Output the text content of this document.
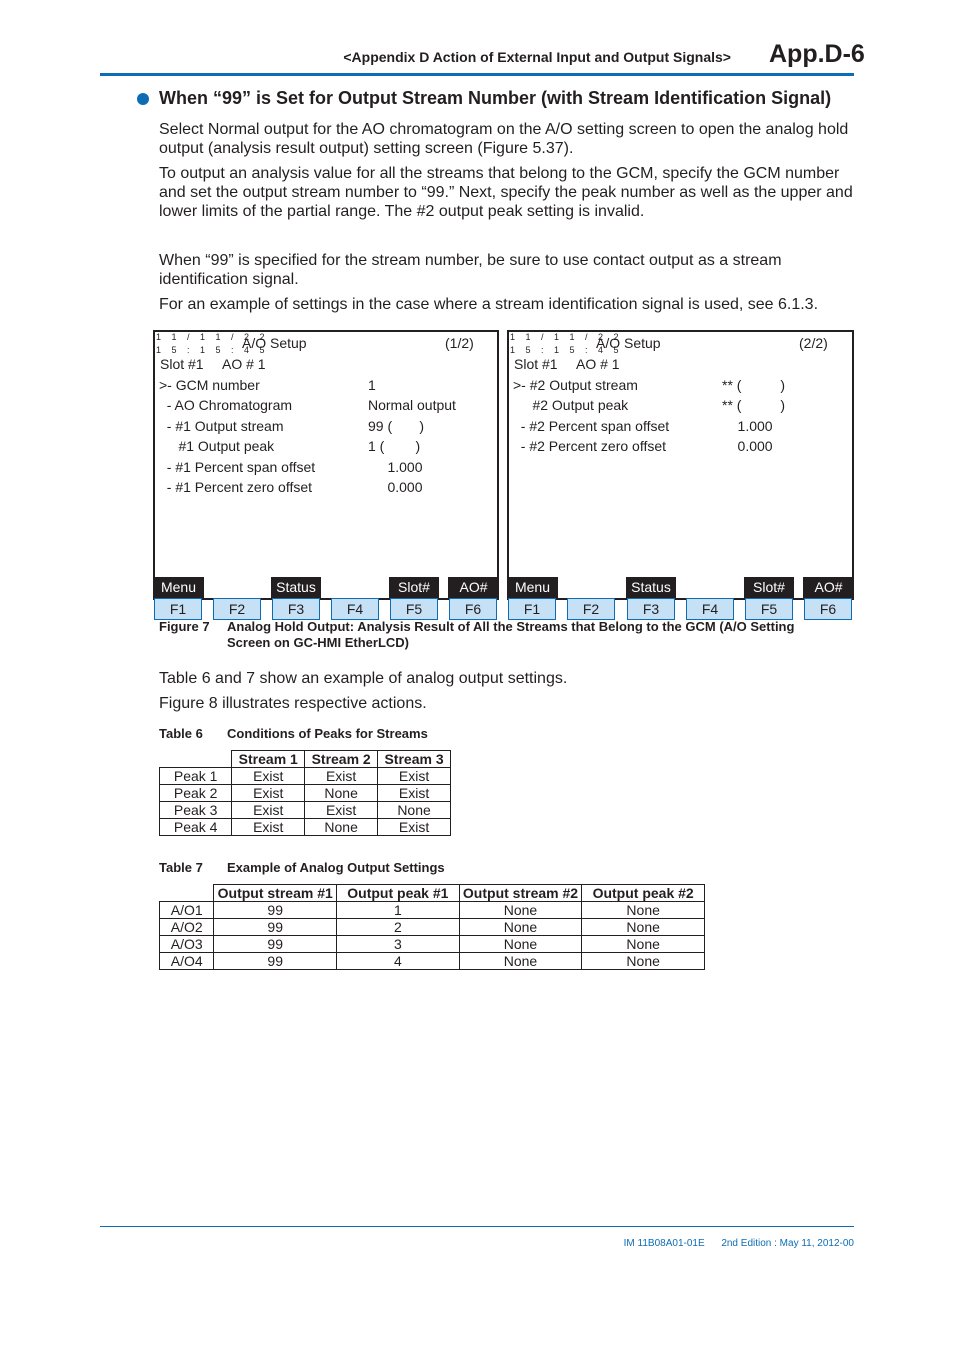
<Appendix D Action of External Input and Output Signals> App.D-6
When “99” is Set for Output Stream Number (with Stream Identification Signal)
Select Normal output for the AO chromatogram on the A/O setting screen to open the analog hold output (analysis result output) setting screen (Figure 5.37).
To output an analysis value for all the streams that belong to the GCM, specify the GCM number and set the output stream number to “99.” Next, specify the peak number as well as the upper and lower limits of the partial range. The #2 output peak setting is invalid.
When “99” is specified for the stream number, be sure to use contact output as a stream identification signal.
For an example of settings in the case where a stream identification signal is used, see 6.1.3.
1 1 / 1 1 / 2 2
1 5 : 1 5 : 4 5
A/O Setup	(1/2)
Slot #1 AO # 1
>- GCM number	1
- AO Chromatogram	Normal output
- #1 Output stream	99 (       )
#1 Output peak	1 (        )
- #1 Percent span offset	1.000
- #1 Percent zero offset	0.000
1 1 / 1 1 / 2 2
1 5 : 1 5 : 4 5
A/O Setup	(2/2)
Slot #1 AO # 1
>- #2 Output stream	** (          )
#2 Output peak	** (          )
- #2 Percent span offset	1.000
- #2 Percent zero offset	0.000
Menu	Status	Slot#	AO#	Menu	Status	Slot#	AO#
F1	F2	F3	F4	F5	F6	F1	F2	F3	F4	F5	F6
Figure 7 Analog Hold Output: Analysis Result of All the Streams that Belong to the GCM (A/O Setting
Screen on GC-HMI EtherLCD)
Table 6 and 7 show an example of analog output settings.
Figure 8 illustrates respective actions.
Table 6 Conditions of Peaks for Streams
	Stream 1	Stream 2	Stream 3
Peak 1	Exist	Exist	Exist
Peak 2	Exist	None	Exist
Peak 3	Exist	Exist	None
Peak 4	Exist	None	Exist
Table 7 Example of Analog Output Settings
	Output stream #1	Output peak #1	Output stream #2	Output peak #2
A/O1	99	1	None	None
A/O2	99	2	None	None
A/O3	99	3	None	None
A/O4	99	4	None	None
IM 11B08A01-01E 2nd Edition : May 11, 2012-00
